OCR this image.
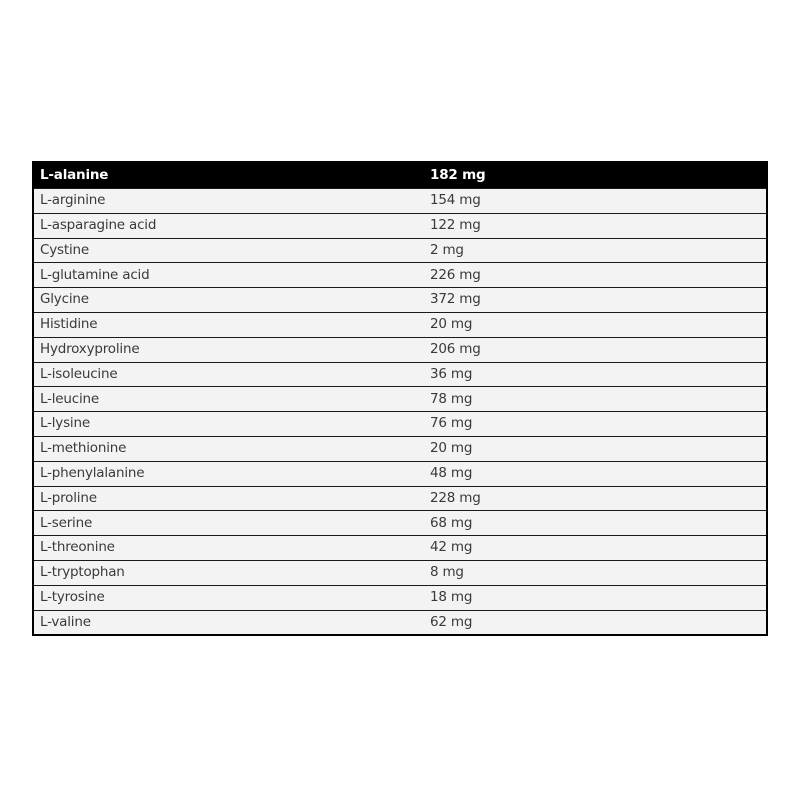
L-alanine	182 mg
L-arginine	154 mg
L-asparagine acid	122 mg
Cystine	2 mg
L-glutamine acid	226 mg
Glycine	372 mg
Histidine	20 mg
Hydroxyproline	206 mg
L-isoleucine	36 mg
L-leucine	78 mg
L-lysine	76 mg
L-methionine	20 mg
L-phenylalanine	48 mg
L-proline	228 mg
L-serine	68 mg
L-threonine	42 mg
L-tryptophan	8 mg
L-tyrosine	18 mg
L-valine	62 mg
